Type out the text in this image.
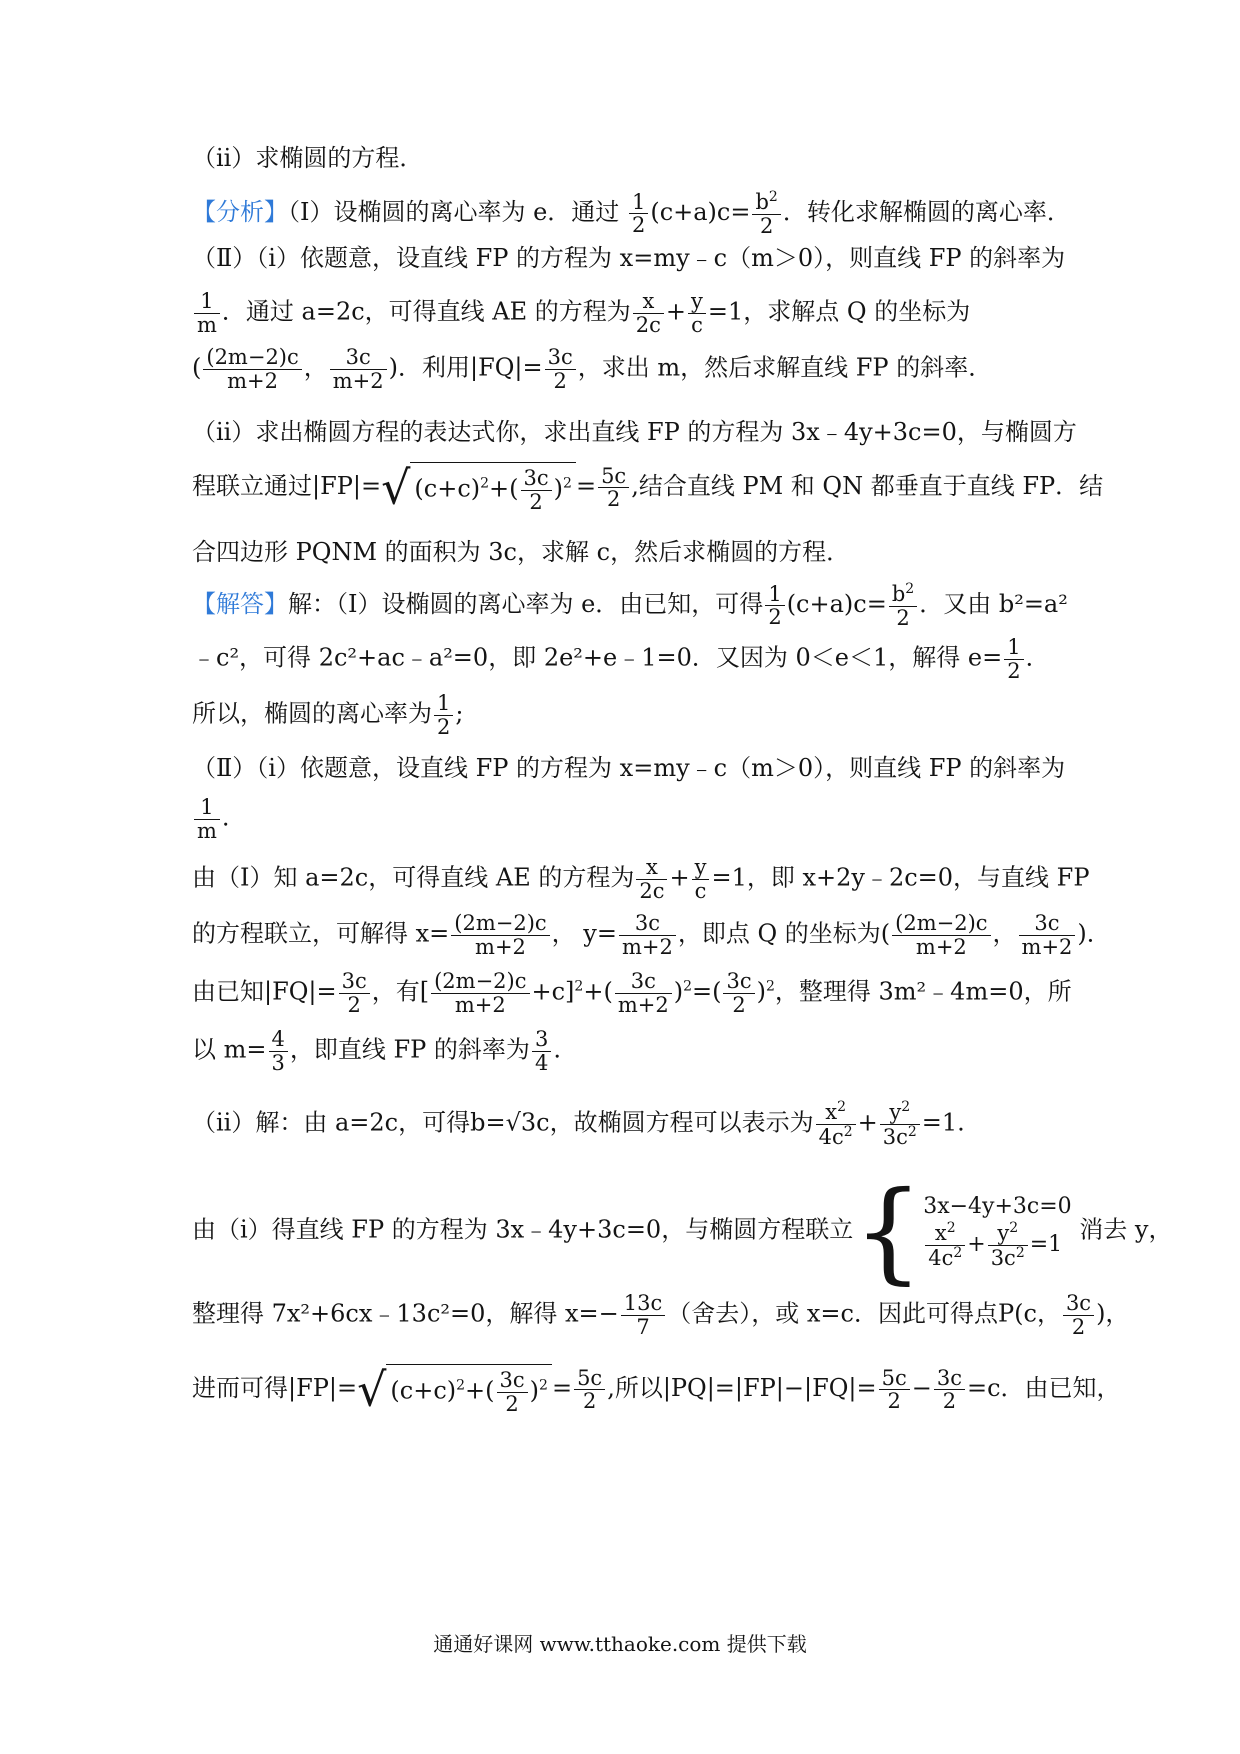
（ii）求椭圆的方程．
【分析】（Ⅰ）设椭圆的离心率为 e．通过 $\frac{1}{2} (c+a)c= \frac{b^2}{2}$ ．转化求解椭圆的离心率．
（Ⅱ）（ⅰ）依题意，设直线 FP 的方程为 x=my﹣c（m＞0），则直线 FP 的斜率为
$\frac{1}{m}$ ．通过 a=2c，可得直线 AE 的方程为 $\frac{x}{2c} + \frac{y}{c} =1$，求解点 Q 的坐标为
( $\frac{(2m-2)c}{m+2}$ ， $\frac{3c}{m+2}$ )．利用$|FQ|= \frac{3c}{2}$ ，求出 m，然后求解直线 FP 的斜率．
（ii）求出椭圆方程的表达式你，求出直线 FP 的方程为 3x﹣4y+3c=0，与椭圆方
程联立通过|FP|=√ $(c+c)^2+( \frac{3c}{2} )^2 = \frac{5c}{2}$ ,结合直线 PM 和 QN 都垂直于直线 FP．结
合四边形 PQNM 的面积为 3c，求解 c，然后求椭圆的方程．
【解答】解：（Ⅰ）设椭圆的离心率为 e．由已知，可得 $\frac{1}{2} (c+a)c= \frac{b^2}{2}$ ．又由 b²=a²
﹣c²，可得 2c²+ac﹣a²=0，即 2e²+e﹣1=0．又因为 0＜e＜1，解得 $e= \frac{1}{2}$ ．
所以，椭圆的离心率为 $\frac{1}{2}$ ;
（Ⅱ）（ⅰ）依题意，设直线 FP 的方程为 x=my﹣c（m＞0），则直线 FP 的斜率为
$\frac{1}{m}$ .
由（Ⅰ）知 a=2c，可得直线 AE 的方程为 $\frac{x}{2c} + \frac{y}{c} =1$，即 x+2y﹣2c=0，与直线 FP
的方程联立，可解得 $x= \frac{(2m-2)c}{m+2}$ ， $y= \frac{3c}{m+2}$ ，即点 Q 的坐标为( $\frac{(2m-2)c}{m+2}$ ， $\frac{3c}{m+2}$ )．
由已知$|FQ|= \frac{3c}{2}$ ，有[ $\frac{(2m-2)c}{m+2} +c]^2+( \frac{3c}{m+2} )^2=( \frac{3c}{2} )^2$，整理得 3m²﹣4m=0，所
以 $m= \frac{4}{3}$ ，即直线 FP 的斜率为 $\frac{3}{4}$ .
（ii）解：由 a=2c，可得b=√3c，故椭圆方程可以表示为 $\frac{x^2}{4c^2} + \frac{y^2}{3c^2} =1$.
由（i）得直线 FP 的方程为 3x﹣4y+3c=0，与椭圆方程联立{ 3x−4y+3c=0
$\frac{x^2}{4c^2} + \frac{y^2}{3c^2} =1$
消去 y，
整理得 7x²+6cx﹣13c²=0，解得 $x=- \frac{13c}{7}$ （舍去），或 x=c．因此可得点P(c， $\frac{3c}{2}$ )，
进而可得|FP|=√ $(c+c)^2+( \frac{3c}{2} )^2 = \frac{5c}{2}$ ,所以$|PQ|=|FP|-|FQ|= \frac{5c}{2} - \frac{3c}{2} =c$．由已知，
通通好课网 www.tthaoke.com 提供下载
